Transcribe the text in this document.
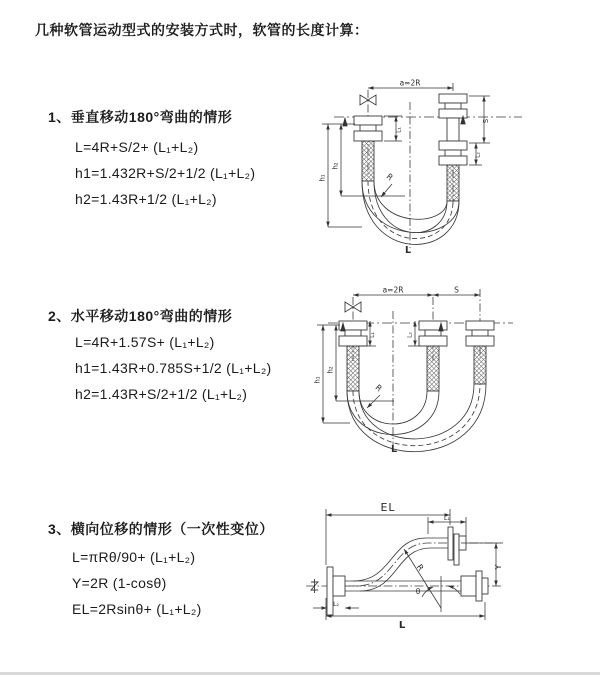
几种软管运动型式的安装方式时，软管的长度计算：
1、垂直移动180°弯曲的情形
L=4R+S/2+ (L₁+L₂)
h1=1.432R+S/2+1/2 (L₁+L₂)
h2=1.43R+1/2 (L₁+L₂)
2、水平移动180°弯曲的情形
L=4R+1.57S+ (L₁+L₂)
h1=1.43R+0.785S+1/2 (L₁+L₂)
h2=1.43R+S/2+1/2 (L₁+L₂)
3、横向位移的情形（一次性变位）
L=πRθ/90+ (L₁+L₂)
Y=2R (1-cosθ)
EL=2Rsinθ+ (L₁+L₂)
a=2R
S
L₁
L₂
h₁
h₂
R
L
a=2R	S
L₁	L₂
h₁
h₂
R
L
EL
L₁
L₂
Y
R
θ
L
